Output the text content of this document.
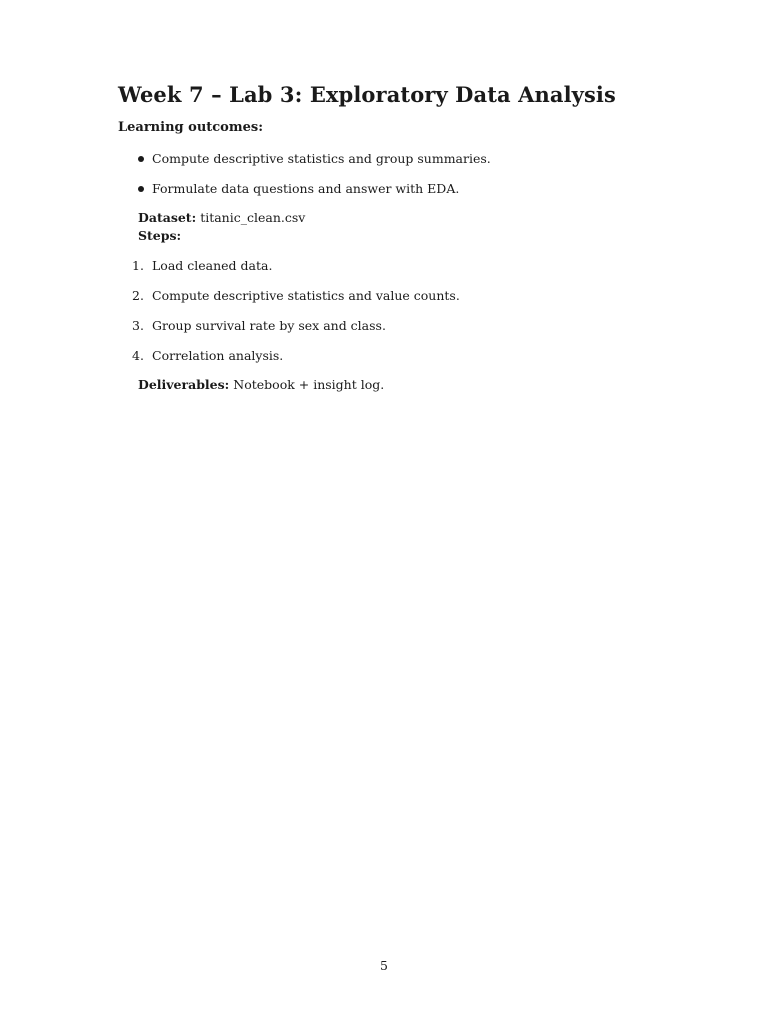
Week 7 – Lab 3: Exploratory Data Analysis
Learning outcomes:
Compute descriptive statistics and group summaries.
Formulate data questions and answer with EDA.
Dataset: titanic_clean.csv
Steps:
1. Load cleaned data.
2. Compute descriptive statistics and value counts.
3. Group survival rate by sex and class.
4. Correlation analysis.
Deliverables: Notebook + insight log.
5
